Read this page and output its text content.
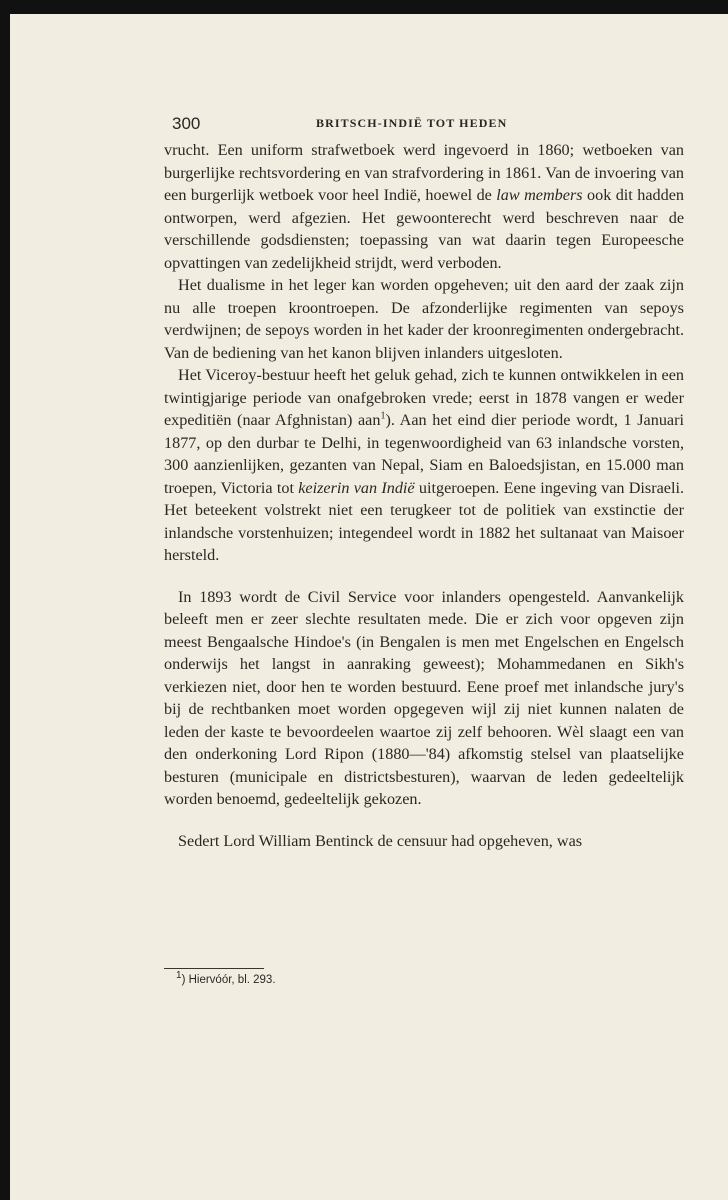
300	BRITSCH-INDIË TOT HEDEN

vrucht. Een uniform strafwetboek werd ingevoerd in 1860; wetboeken van burgerlijke rechtsvordering en van strafvordering in 1861. Van de invoering van een burgerlijk wetboek voor heel Indië, hoewel de law members ook dit hadden ontworpen, werd afgezien. Het gewoonterecht werd beschreven naar de verschillende godsdiensten; toepassing van wat daarin tegen Europeesche opvattingen van zedelijkheid strijdt, werd verboden.

Het dualisme in het leger kan worden opgeheven; uit den aard der zaak zijn nu alle troepen kroontroepen. De afzonderlijke regimenten van sepoys verdwijnen; de sepoys worden in het kader der kroonregimenten ondergebracht. Van de bediening van het kanon blijven inlanders uitgesloten.

Het Viceroy-bestuur heeft het geluk gehad, zich te kunnen ontwikkelen in een twintigjarige periode van onafgebroken vrede; eerst in 1878 vangen er weder expeditiën (naar Afghnistan) aan$^1$). Aan het eind dier periode wordt, 1 Januari 1877, op den durbar te Delhi, in tegenwoordigheid van 63 inlandsche vorsten, 300 aanzienlijken, gezanten van Nepal, Siam en Baloedsjistan, en 15.000 man troepen, Victoria tot keizerin van Indië uitgeroepen. Eene ingeving van Disraeli. Het beteekent volstrekt niet een terugkeer tot de politiek van exstinctie der inlandsche vorstenhuizen; integendeel wordt in 1882 het sultanaat van Maisoer hersteld.

In 1893 wordt de Civil Service voor inlanders opengesteld. Aanvankelijk beleeft men er zeer slechte resultaten mede. Die er zich voor opgeven zijn meest Bengaalsche Hindoe's (in Bengalen is men met Engelschen en Engelsch onderwijs het langst in aanraking geweest); Mohammedanen en Sikh's verkiezen niet, door hen te worden bestuurd. Eene proef met inlandsche jury's bij de rechtbanken moet worden opgegeven wijl zij niet kunnen nalaten de leden der kaste te bevoordeelen waartoe zij zelf behooren. Wèl slaagt een van den onderkoning Lord Ripon (1880—'84) afkomstig stelsel van plaatselijke besturen (municipale en districtsbesturen), waarvan de leden gedeeltelijk worden benoemd, gedeeltelijk gekozen.

Sedert Lord William Bentinck de censuur had opgeheven, was

$^1$) Hiervóór, bl. 293.
